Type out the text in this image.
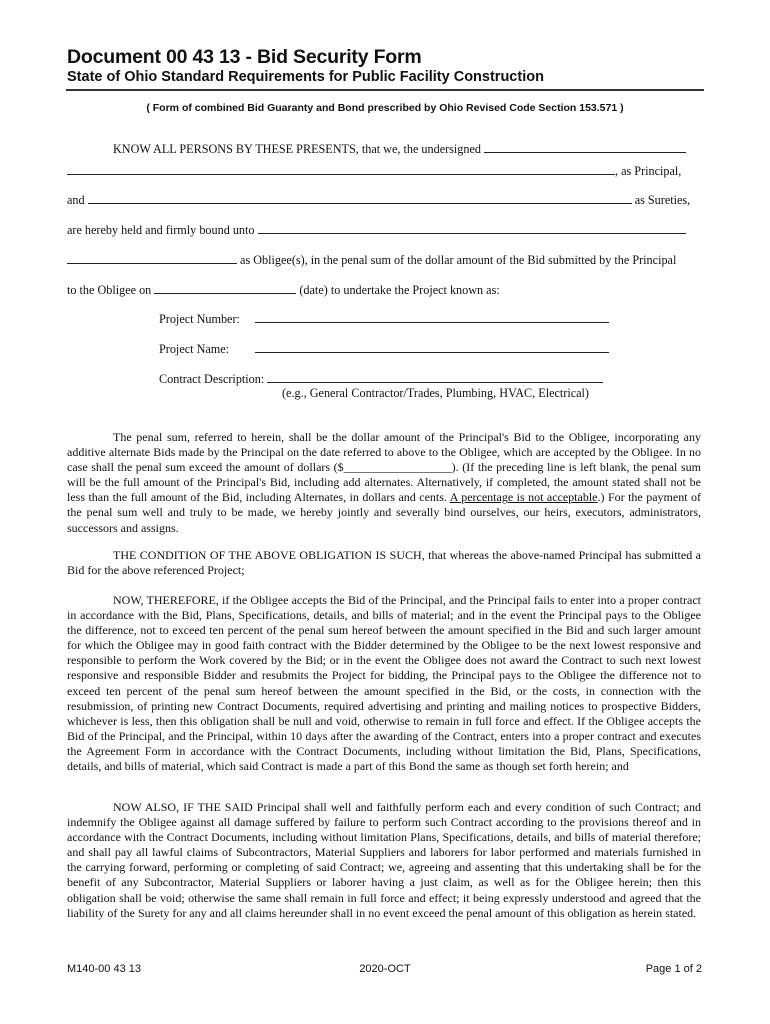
Document 00 43 13 - Bid Security Form
State of Ohio Standard Requirements for Public Facility Construction
( Form of combined Bid Guaranty and Bond prescribed by Ohio Revised Code Section 153.571 )
KNOW ALL PERSONS BY THESE PRESENTS, that we, the undersigned
, as Principal,
and	as Sureties,
are hereby held and firmly bound unto
as Obligee(s), in the penal sum of the dollar amount of the Bid submitted by the Principal
to the Obligee on	(date) to undertake the Project known as:
Project Number:
Project Name:
Contract Description:
(e.g., General Contractor/Trades, Plumbing, HVAC, Electrical)

The penal sum, referred to herein, shall be the dollar amount of the Principal's Bid to the Obligee, incorporating any additive alternate Bids made by the Principal on the date referred to above to the Obligee, which are accepted by the Obligee. In no case shall the penal sum exceed the amount of dollars ($__________________). (If the preceding line is left blank, the penal sum will be the full amount of the Principal's Bid, including add alternates. Alternatively, if completed, the amount stated shall not be less than the full amount of the Bid, including Alternates, in dollars and cents. A percentage is not acceptable.) For the payment of the penal sum well and truly to be made, we hereby jointly and severally bind ourselves, our heirs, executors, administrators, successors and assigns.

THE CONDITION OF THE ABOVE OBLIGATION IS SUCH, that whereas the above-named Principal has submitted a Bid for the above referenced Project;

NOW, THEREFORE, if the Obligee accepts the Bid of the Principal, and the Principal fails to enter into a proper contract in accordance with the Bid, Plans, Specifications, details, and bills of material; and in the event the Principal pays to the Obligee the difference, not to exceed ten percent of the penal sum hereof between the amount specified in the Bid and such larger amount for which the Obligee may in good faith contract with the Bidder determined by the Obligee to be the next lowest responsive and responsible to perform the Work covered by the Bid; or in the event the Obligee does not award the Contract to such next lowest responsive and responsible Bidder and resubmits the Project for bidding, the Principal pays to the Obligee the difference not to exceed ten percent of the penal sum hereof between the amount specified in the Bid, or the costs, in connection with the resubmission, of printing new Contract Documents, required advertising and printing and mailing notices to prospective Bidders, whichever is less, then this obligation shall be null and void, otherwise to remain in full force and effect. If the Obligee accepts the Bid of the Principal, and the Principal, within 10 days after the awarding of the Contract, enters into a proper contract and executes the Agreement Form in accordance with the Contract Documents, including without limitation the Bid, Plans, Specifications, details, and bills of material, which said Contract is made a part of this Bond the same as though set forth herein; and

NOW ALSO, IF THE SAID Principal shall well and faithfully perform each and every condition of such Contract; and indemnify the Obligee against all damage suffered by failure to perform such Contract according to the provisions thereof and in accordance with the Contract Documents, including without limitation Plans, Specifications, details, and bills of material therefore; and shall pay all lawful claims of Subcontractors, Material Suppliers and laborers for labor performed and materials furnished in the carrying forward, performing or completing of said Contract; we, agreeing and assenting that this undertaking shall be for the benefit of any Subcontractor, Material Suppliers or laborer having a just claim, as well as for the Obligee herein; then this obligation shall be void; otherwise the same shall remain in full force and effect; it being expressly understood and agreed that the liability of the Surety for any and all claims hereunder shall in no event exceed the penal amount of this obligation as herein stated.

M140-00 43 13	2020-OCT	Page 1 of 2
